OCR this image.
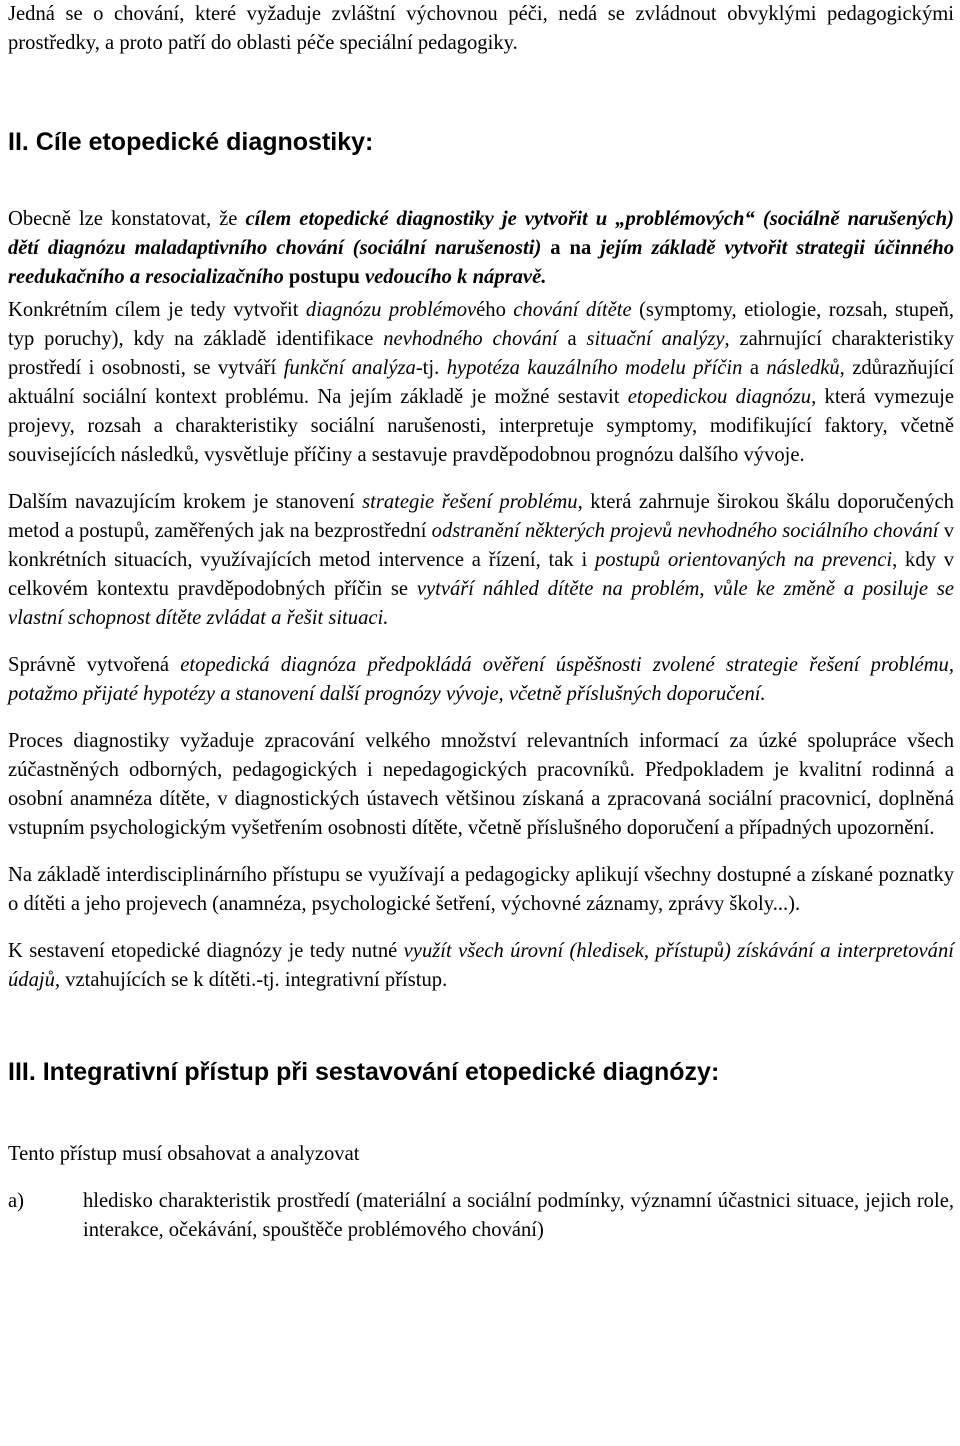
Jedná se o chování, které vyžaduje zvláštní výchovnou péči, nedá se zvládnout obvyklými pedagogickými prostředky, a proto patří do oblasti péče speciální pedagogiky.

II. Cíle etopedické diagnostiky:

Obecně lze konstatovat, že cílem etopedické diagnostiky je vytvořit u „problémových“ (sociálně narušených) dětí diagnózu maladaptivního chování (sociální narušenosti) a na jejím základě vytvořit strategii účinného reedukačního a resocializačního postupu vedoucího k nápravě.

Konkrétním cílem je tedy vytvořit diagnózu problémového chování dítěte (symptomy, etiologie, rozsah, stupeň, typ poruchy), kdy na základě identifikace nevhodného chování a situační analýzy, zahrnující charakteristiky prostředí i osobnosti, se vytváří funkční analýza-tj. hypotéza kauzálního modelu příčin a následků, zdůrazňující aktuální sociální kontext problému. Na jejím základě je možné sestavit etopedickou diagnózu, která vymezuje projevy, rozsah a charakteristiky sociální narušenosti, interpretuje symptomy, modifikující faktory, včetně souvisejících následků, vysvětluje příčiny a sestavuje pravděpodobnou prognózu dalšího vývoje.

Dalším navazujícím krokem je stanovení strategie řešení problému, která zahrnuje širokou škálu doporučených metod a postupů, zaměřených jak na bezprostřední odstranění některých projevů nevhodného sociálního chování v konkrétních situacích, využívajících metod intervence a řízení, tak i postupů orientovaných na prevenci, kdy v celkovém kontextu pravděpodobných příčin se vytváří náhled dítěte na problém, vůle ke změně a posiluje se vlastní schopnost dítěte zvládat a řešit situaci.

Správně vytvořená etopedická diagnóza předpokládá ověření úspěšnosti zvolené strategie řešení problému, potažmo přijaté hypotézy a stanovení další prognózy vývoje, včetně příslušných doporučení.

Proces diagnostiky vyžaduje zpracování velkého množství relevantních informací za úzké spolupráce všech zúčastněných odborných, pedagogických i nepedagogických pracovníků. Předpokladem je kvalitní rodinná a osobní anamnéza dítěte, v diagnostických ústavech většinou získaná a zpracovaná sociální pracovnicí, doplněná vstupním psychologickým vyšetřením osobnosti dítěte, včetně příslušného doporučení a případných upozornění.

Na základě interdisciplinárního přístupu se využívají a pedagogicky aplikují všechny dostupné a získané poznatky o dítěti a jeho projevech (anamnéza, psychologické šetření, výchovné záznamy, zprávy školy...).

K sestavení etopedické diagnózy je tedy nutné využít všech úrovní (hledisek, přístupů) získávání a interpretování údajů, vztahujících se k dítěti.-tj. integrativní přístup.

III. Integrativní přístup při sestavování etopedické diagnózy:

Tento přístup musí obsahovat a analyzovat

a)	hledisko charakteristik prostředí (materiální a sociální podmínky, významní účastnici situace, jejich role, interakce, očekávání, spouštěče problémového chování)
